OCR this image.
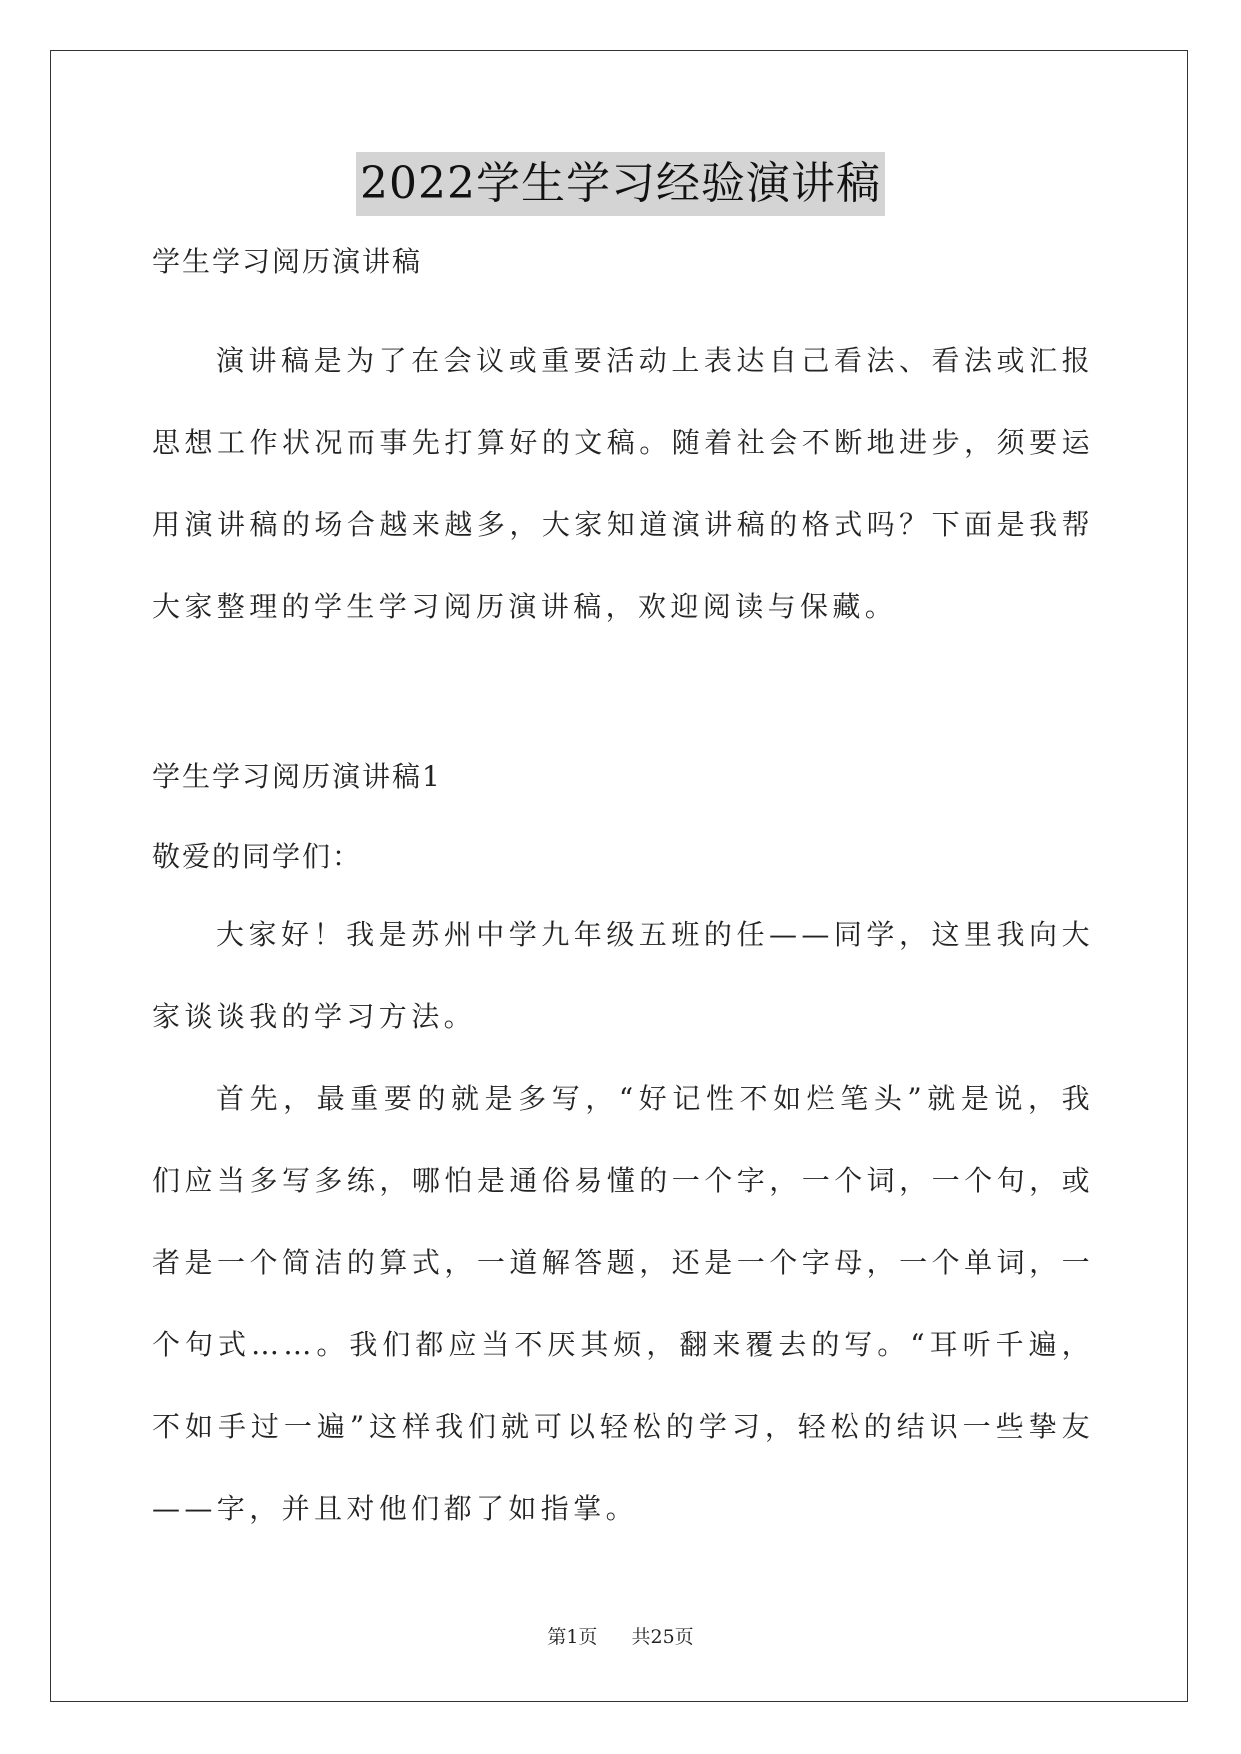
2022学生学习经验演讲稿
学生学习阅历演讲稿
演讲稿是为了在会议或重要活动上表达自己看法、看法或汇报思想工作状况而事先打算好的文稿。随着社会不断地进步，须要运用演讲稿的场合越来越多，大家知道演讲稿的格式吗？下面是我帮大家整理的学生学习阅历演讲稿，欢迎阅读与保藏。
学生学习阅历演讲稿1
敬爱的同学们：
大家好！我是苏州中学九年级五班的任——同学，这里我向大家谈谈我的学习方法。
首先，最重要的就是多写，“好记性不如烂笔头”就是说，我们应当多写多练，哪怕是通俗易懂的一个字，一个词，一个句，或者是一个简洁的算式，一道解答题，还是一个字母，一个单词，一个句式……。我们都应当不厌其烦，翻来覆去的写。“耳听千遍，不如手过一遍”这样我们就可以轻松的学习，轻松的结识一些挚友——字，并且对他们都了如指掌。
第1页 共25页
